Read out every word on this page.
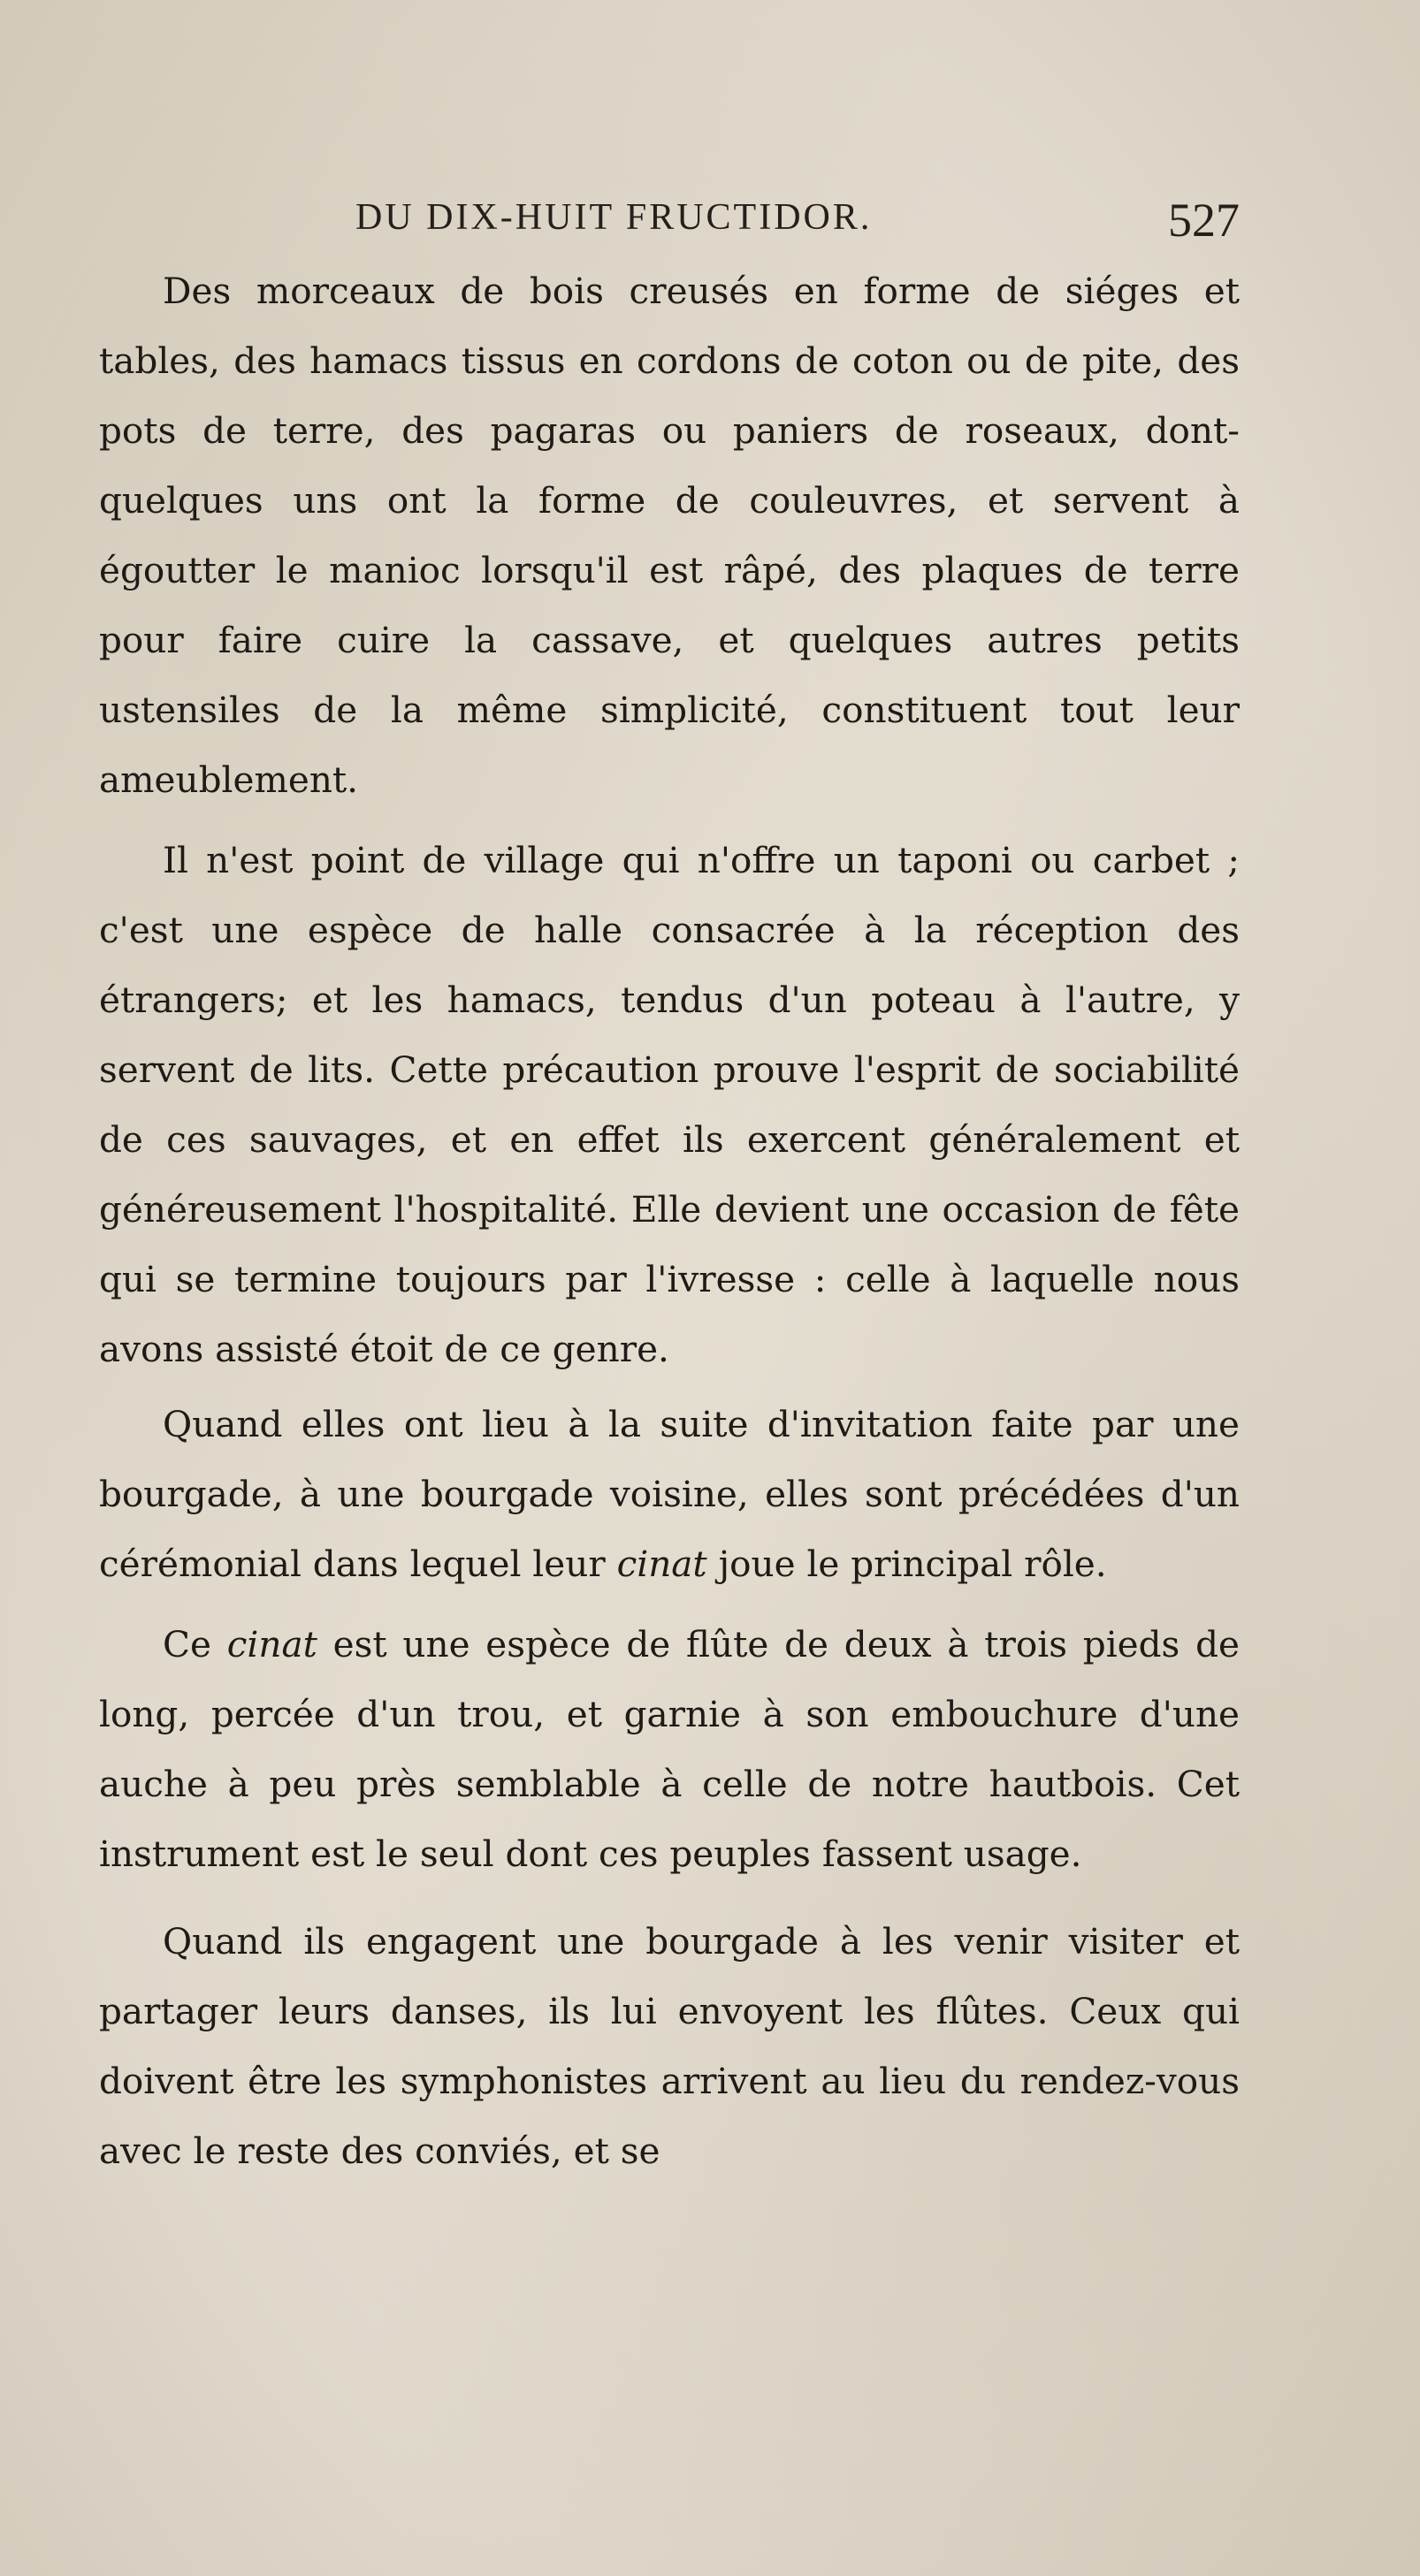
DU DIX-HUIT FRUCTIDOR.	527

Des morceaux de bois creusés en forme de siéges et tables, des hamacs tissus en cordons de coton ou de pite, des pots de terre, des pagaras ou paniers de roseaux, dont-quelques uns ont la forme de couleuvres, et servent à égoutter le manioc lorsqu'il est râpé, des plaques de terre pour faire cuire la cassave, et quelques autres petits ustensiles de la même simplicité, constituent tout leur ameublement.

Il n'est point de village qui n'offre un taponi ou carbet ; c'est une espèce de halle consacrée à la réception des étrangers; et les hamacs, tendus d'un poteau à l'autre, y servent de lits. Cette précaution prouve l'esprit de sociabilité de ces sauvages, et en effet ils exercent généralement et généreusement l'hospitalité. Elle devient une occasion de fête qui se termine toujours par l'ivresse : celle à laquelle nous avons assisté étoit de ce genre.

Quand elles ont lieu à la suite d'invitation faite par une bourgade, à une bourgade voisine, elles sont précédées d'un cérémonial dans lequel leur cinat joue le principal rôle.

Ce cinat est une espèce de flûte de deux à trois pieds de long, percée d'un trou, et garnie à son embouchure d'une auche à peu près semblable à celle de notre hautbois. Cet instrument est le seul dont ces peuples fassent usage.

Quand ils engagent une bourgade à les venir visiter et partager leurs danses, ils lui envoyent les flûtes. Ceux qui doivent être les symphonistes arrivent au lieu du rendez-vous avec le reste des conviés, et se
